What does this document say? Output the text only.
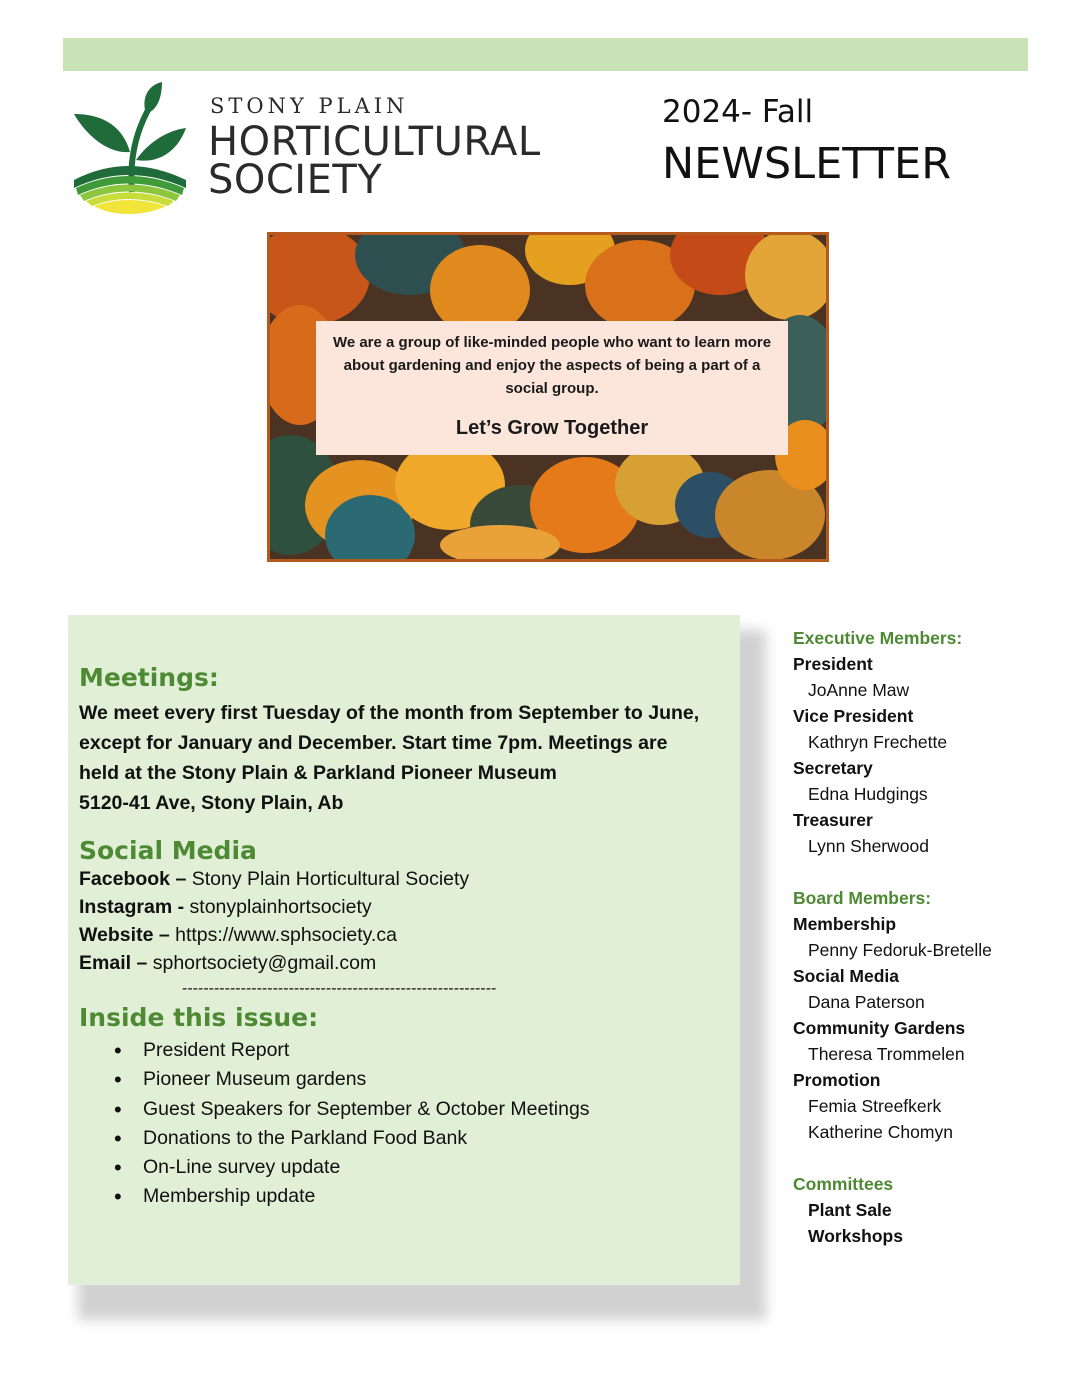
STONY PLAIN
HORTICULTURAL
SOCIETY
2024- Fall
NEWSLETTER
We are a group of like-minded people who want to learn more about gardening and enjoy the aspects of being a part of a social group.
Let’s Grow Together
Meetings:
We meet every first Tuesday of the month from September to June,
except for January and December. Start time 7pm. Meetings are
held at the Stony Plain & Parkland Pioneer Museum
5120-41 Ave, Stony Plain, Ab
Social Media
Facebook – Stony Plain Horticultural Society
Instagram - stonyplainhortsociety
Website – https://www.sphsociety.ca
Email – sphortsociety@gmail.com
-----------------------------------------------------------
Inside this issue:
• President Report
• Pioneer Museum gardens
• Guest Speakers for September & October Meetings
• Donations to the Parkland Food Bank
• On-Line survey update
• Membership update
Executive Members:
President
JoAnne Maw
Vice President
Kathryn Frechette
Secretary
Edna Hudgings
Treasurer
Lynn Sherwood
Board Members:
Membership
Penny Fedoruk-Bretelle
Social Media
Dana Paterson
Community Gardens
Theresa Trommelen
Promotion
Femia Streefkerk
Katherine Chomyn
Committees
Plant Sale
Workshops
